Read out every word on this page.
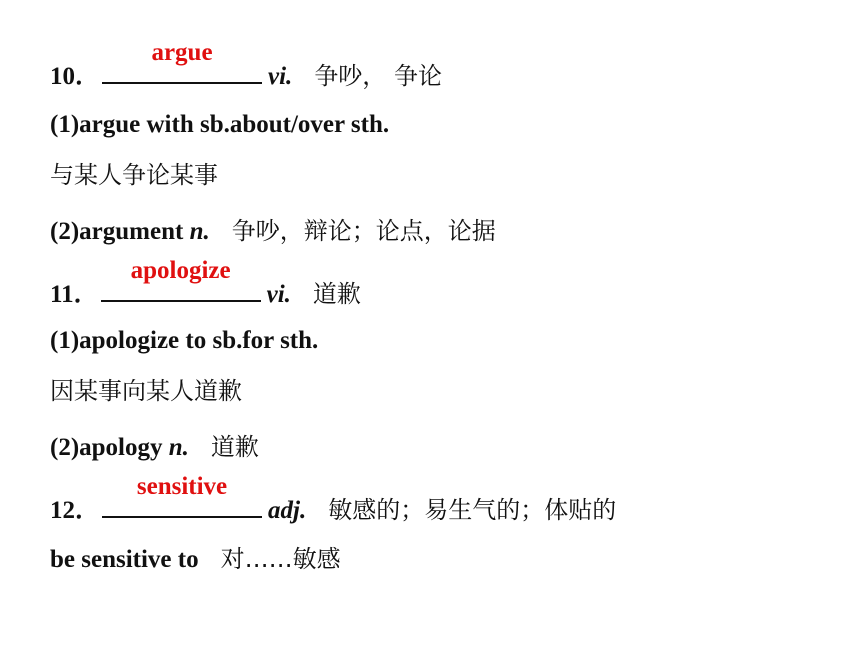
10．
argue
vi. 争吵， 争论
(1)argue with sb.about/over sth.
与某人争论某事
(2)argument n. 争吵，辩论；论点，论据
11．
apologize
vi. 道歉
(1)apologize to sb.for sth.
因某事向某人道歉
(2)apology n. 道歉
12．
sensitive
adj. 敏感的；易生气的；体贴的
be sensitive to 对……敏感
